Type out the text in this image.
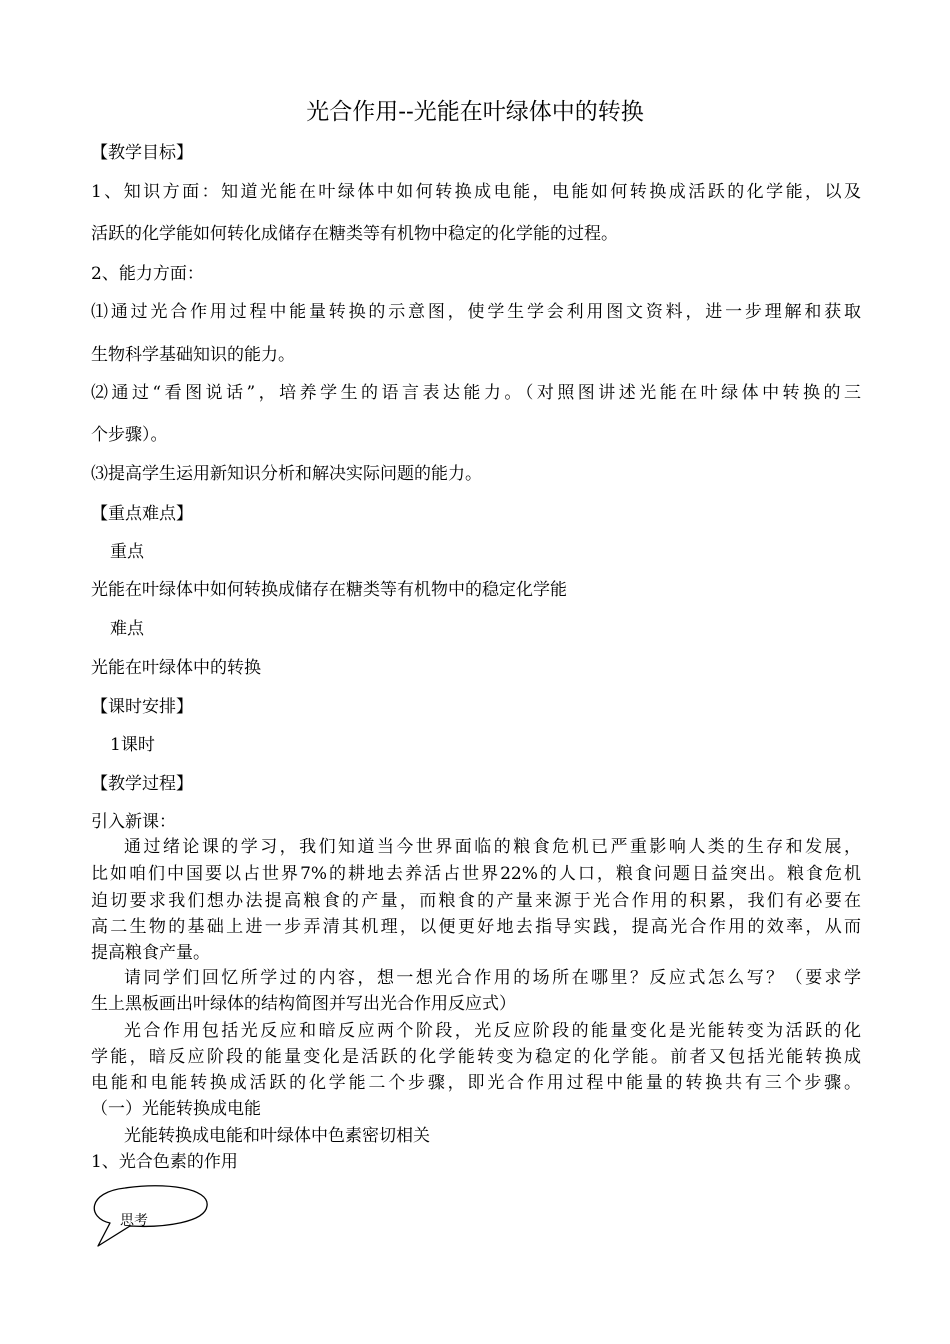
光合作用--光能在叶绿体中的转换
【教学目标】
1、知识方面：知道光能在叶绿体中如何转换成电能，电能如何转换成活跃的化学能，以及
活跃的化学能如何转化成储存在糖类等有机物中稳定的化学能的过程。
2、能力方面：
⑴通过光合作用过程中能量转换的示意图，使学生学会利用图文资料，进一步理解和获取
生物科学基础知识的能力。
⑵通过“看图说话”，培养学生的语言表达能力。（对照图讲述光能在叶绿体中转换的三
个步骤）。
⑶提高学生运用新知识分析和解决实际问题的能力。
【重点难点】
重点
光能在叶绿体中如何转换成储存在糖类等有机物中的稳定化学能
难点
光能在叶绿体中的转换
【课时安排】
1课时
【教学过程】
引入新课：
通过绪论课的学习，我们知道当今世界面临的粮食危机已严重影响人类的生存和发展，
比如咱们中国要以占世界7%的耕地去养活占世界22%的人口，粮食问题日益突出。粮食危机
迫切要求我们想办法提高粮食的产量，而粮食的产量来源于光合作用的积累，我们有必要在
高二生物的基础上进一步弄清其机理，以便更好地去指导实践，提高光合作用的效率，从而
提高粮食产量。
请同学们回忆所学过的内容，想一想光合作用的场所在哪里？反应式怎么写？（要求学
生上黑板画出叶绿体的结构简图并写出光合作用反应式）
光合作用包括光反应和暗反应两个阶段，光反应阶段的能量变化是光能转变为活跃的化
学能，暗反应阶段的能量变化是活跃的化学能转变为稳定的化学能。前者又包括光能转换成
电能和电能转换成活跃的化学能二个步骤，即光合作用过程中能量的转换共有三个步骤。
（一）光能转换成电能
光能转换成电能和叶绿体中色素密切相关
1、光合色素的作用
思考
